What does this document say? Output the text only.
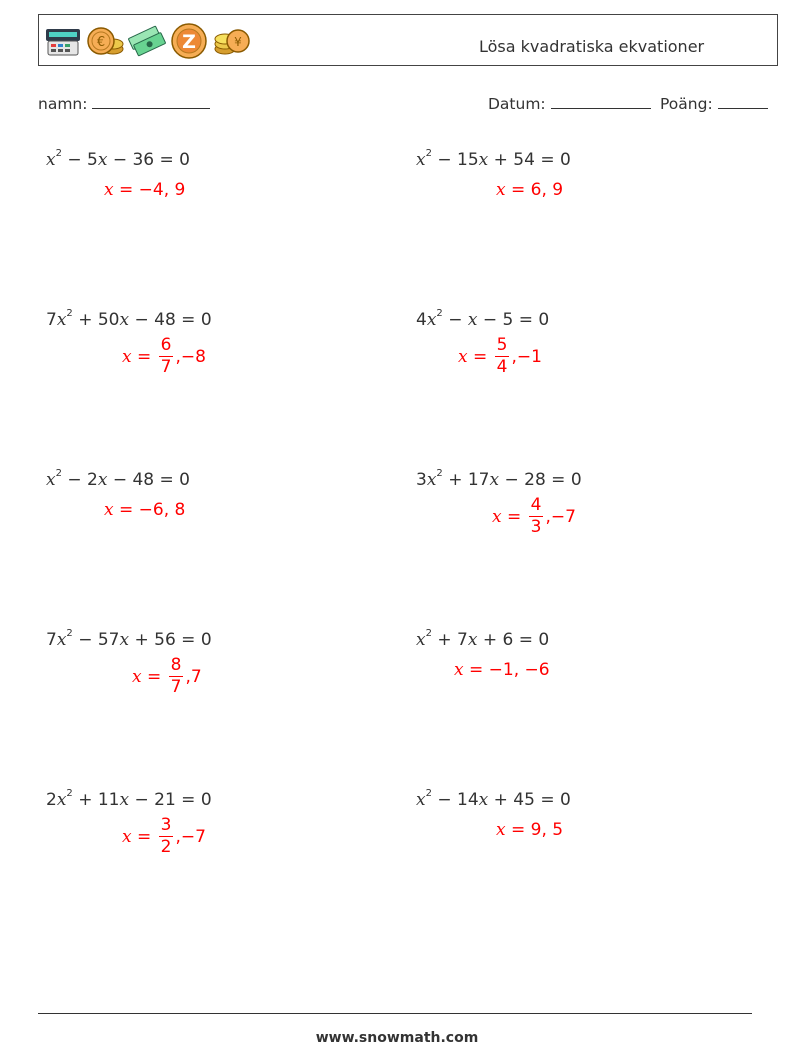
€	Z	¥	Lösa kvadratiska ekvationer
namn:	Datum:	Poäng:
$x^2 - 5x - 36 = 0$
x = −4, 9
$x^2 - 15x + 54 = 0$
x = 6, 9
$7x^2 + 50x - 48 = 0$
$x = \frac{6}{7} ,-8$
$4x^2 - x - 5 = 0$
$x = \frac{5}{4} ,-1$
$x^2 - 2x - 48 = 0$
x = −6, 8
$3x^2 + 17x - 28 = 0$
$x = \frac{4}{3} ,-7$
$7x^2 - 57x + 56 = 0$
$x = \frac{8}{7} ,7$
$x^2 + 7x + 6 = 0$
x = −1, −6
$2x^2 + 11x - 21 = 0$
$x = \frac{3}{2} ,-7$
$x^2 - 14x + 45 = 0$
x = 9, 5
www.snowmath.com
